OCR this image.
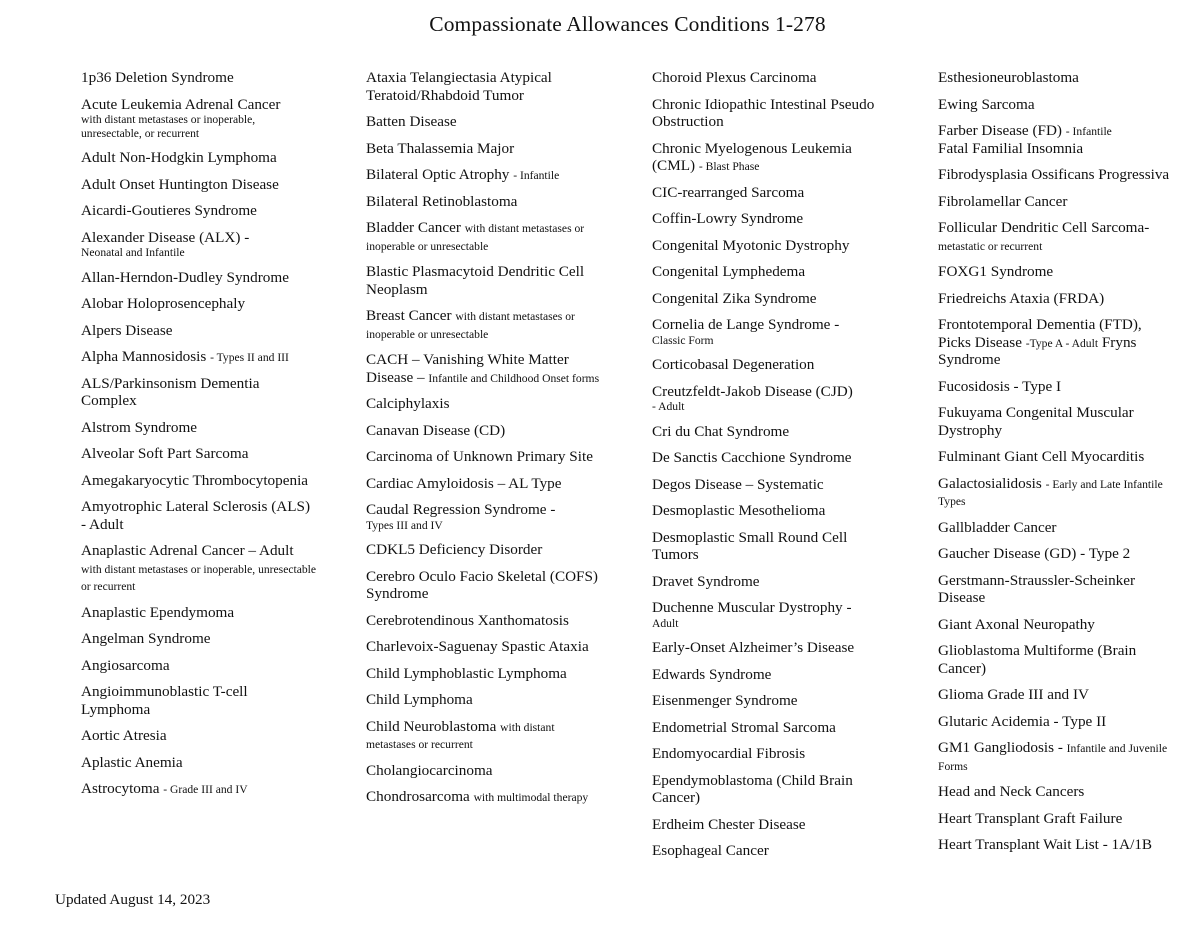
Compassionate Allowances Conditions 1-278
1p36 Deletion Syndrome
Acute Leukemia Adrenal Cancer
with distant metastases or inoperable, unresectable, or recurrent
Adult Non-Hodgkin Lymphoma
Adult Onset Huntington Disease
Aicardi-Goutieres Syndrome
Alexander Disease (ALX) -
Neonatal and Infantile
Allan-Herndon-Dudley Syndrome
Alobar Holoprosencephaly
Alpers Disease
Alpha Mannosidosis - Types II and III
ALS/Parkinsonism Dementia Complex
Alstrom Syndrome
Alveolar Soft Part Sarcoma
Amegakaryocytic Thrombocytopenia
Amyotrophic Lateral Sclerosis (ALS) - Adult
Anaplastic Adrenal Cancer – Adult with distant metastases or inoperable, unresectable or recurrent
Anaplastic Ependymoma
Angelman Syndrome
Angiosarcoma
Angioimmunoblastic T-cell Lymphoma
Aortic Atresia
Aplastic Anemia
Astrocytoma - Grade III and IV
Ataxia Telangiectasia Atypical Teratoid/Rhabdoid Tumor
Batten Disease
Beta Thalassemia Major
Bilateral Optic Atrophy - Infantile
Bilateral Retinoblastoma
Bladder Cancer with distant metastases or inoperable or unresectable
Blastic Plasmacytoid Dendritic Cell Neoplasm
Breast Cancer with distant metastases or inoperable or unresectable
CACH – Vanishing White Matter Disease – Infantile and Childhood Onset forms
Calciphylaxis
Canavan Disease (CD)
Carcinoma of Unknown Primary Site
Cardiac Amyloidosis – AL Type
Caudal Regression Syndrome -
Types III and IV
CDKL5 Deficiency Disorder
Cerebro Oculo Facio Skeletal (COFS) Syndrome
Cerebrotendinous Xanthomatosis
Charlevoix-Saguenay Spastic Ataxia
Child Lymphoblastic Lymphoma
Child Lymphoma
Child Neuroblastoma with distant metastases or recurrent
Cholangiocarcinoma
Chondrosarcoma with multimodal therapy
Choroid Plexus Carcinoma
Chronic Idiopathic Intestinal Pseudo Obstruction
Chronic Myelogenous Leukemia (CML) - Blast Phase
CIC-rearranged Sarcoma
Coffin-Lowry Syndrome
Congenital Myotonic Dystrophy
Congenital Lymphedema
Congenital Zika Syndrome
Cornelia de Lange Syndrome -
Classic Form
Corticobasal Degeneration
Creutzfeldt-Jakob Disease (CJD)
- Adult
Cri du Chat Syndrome
De Sanctis Cacchione Syndrome
Degos Disease – Systematic
Desmoplastic Mesothelioma
Desmoplastic Small Round Cell Tumors
Dravet Syndrome
Duchenne Muscular Dystrophy -
Adult
Early-Onset Alzheimer’s Disease
Edwards Syndrome
Eisenmenger Syndrome
Endometrial Stromal Sarcoma
Endomyocardial Fibrosis
Ependymoblastoma (Child Brain Cancer)
Erdheim Chester Disease
Esophageal Cancer
Esthesioneuroblastoma
Ewing Sarcoma
Farber Disease (FD) - Infantile
Fatal Familial Insomnia
Fibrodysplasia Ossificans Progressiva
Fibrolamellar Cancer
Follicular Dendritic Cell Sarcoma- metastatic or recurrent
FOXG1 Syndrome
Friedreichs Ataxia (FRDA)
Frontotemporal Dementia (FTD), Picks Disease -Type A - Adult Fryns Syndrome
Fucosidosis - Type I
Fukuyama Congenital Muscular Dystrophy
Fulminant Giant Cell Myocarditis
Galactosialidosis - Early and Late Infantile Types
Gallbladder Cancer
Gaucher Disease (GD) - Type 2
Gerstmann-Straussler-Scheinker Disease
Giant Axonal Neuropathy
Glioblastoma Multiforme (Brain Cancer)
Glioma Grade III and IV
Glutaric Acidemia - Type II
GM1 Gangliodosis - Infantile and Juvenile Forms
Head and Neck Cancers
Heart Transplant Graft Failure
Heart Transplant Wait List - 1A/1B
Updated August 14, 2023
